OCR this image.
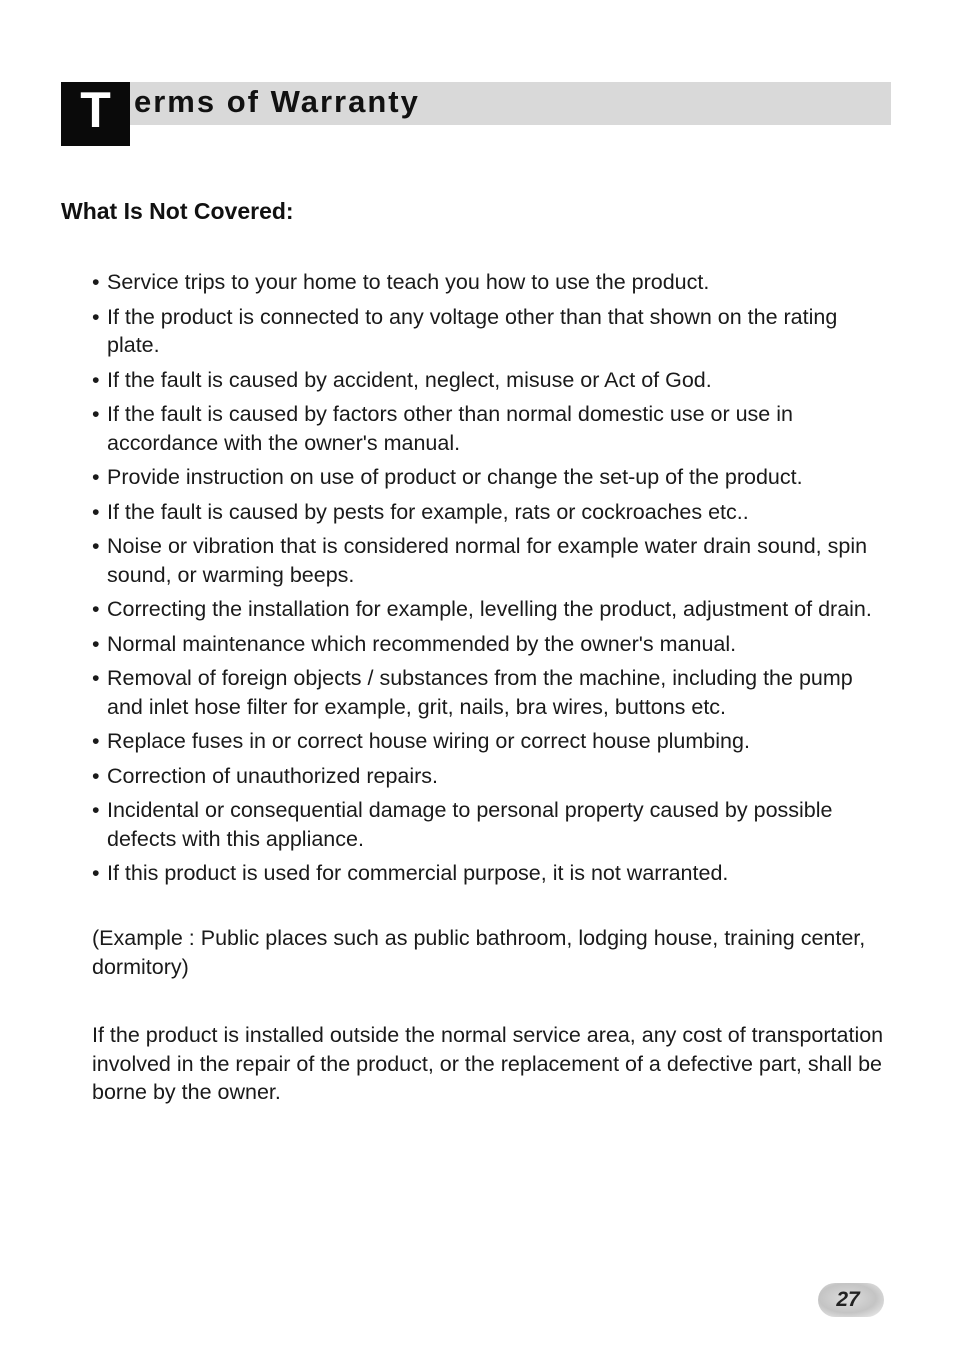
T erms of Warranty
What Is Not Covered:
• Service trips to your home to teach you how to use the product.
• If the product is connected to any voltage other than that shown on the rating plate.
• If the fault is caused by accident, neglect, misuse or Act of God.
• If the fault is caused by factors other than normal domestic use or use in accordance with the owner's manual.
• Provide instruction on use of product or change the set-up of the product.
• If the fault is caused by pests for example, rats or cockroaches etc..
• Noise or vibration that is considered normal for example water drain sound, spin sound, or warming beeps.
• Correcting the installation for example, levelling the product, adjustment of drain.
• Normal maintenance which recommended by the owner's manual.
• Removal of foreign objects / substances from the machine, including the pump and inlet hose filter for example, grit, nails, bra wires, buttons etc.
• Replace fuses in or correct house wiring or correct house plumbing.
• Correction of unauthorized repairs.
• Incidental or consequential damage to personal property caused by possible defects with this appliance.
• If this product is used for commercial purpose, it is not warranted.
(Example : Public places such as public bathroom, lodging house, training center, dormitory)
If the product is installed outside the normal service area, any cost of transportation involved in the repair of the product, or the replacement of a defective part, shall be borne by the owner.
27
